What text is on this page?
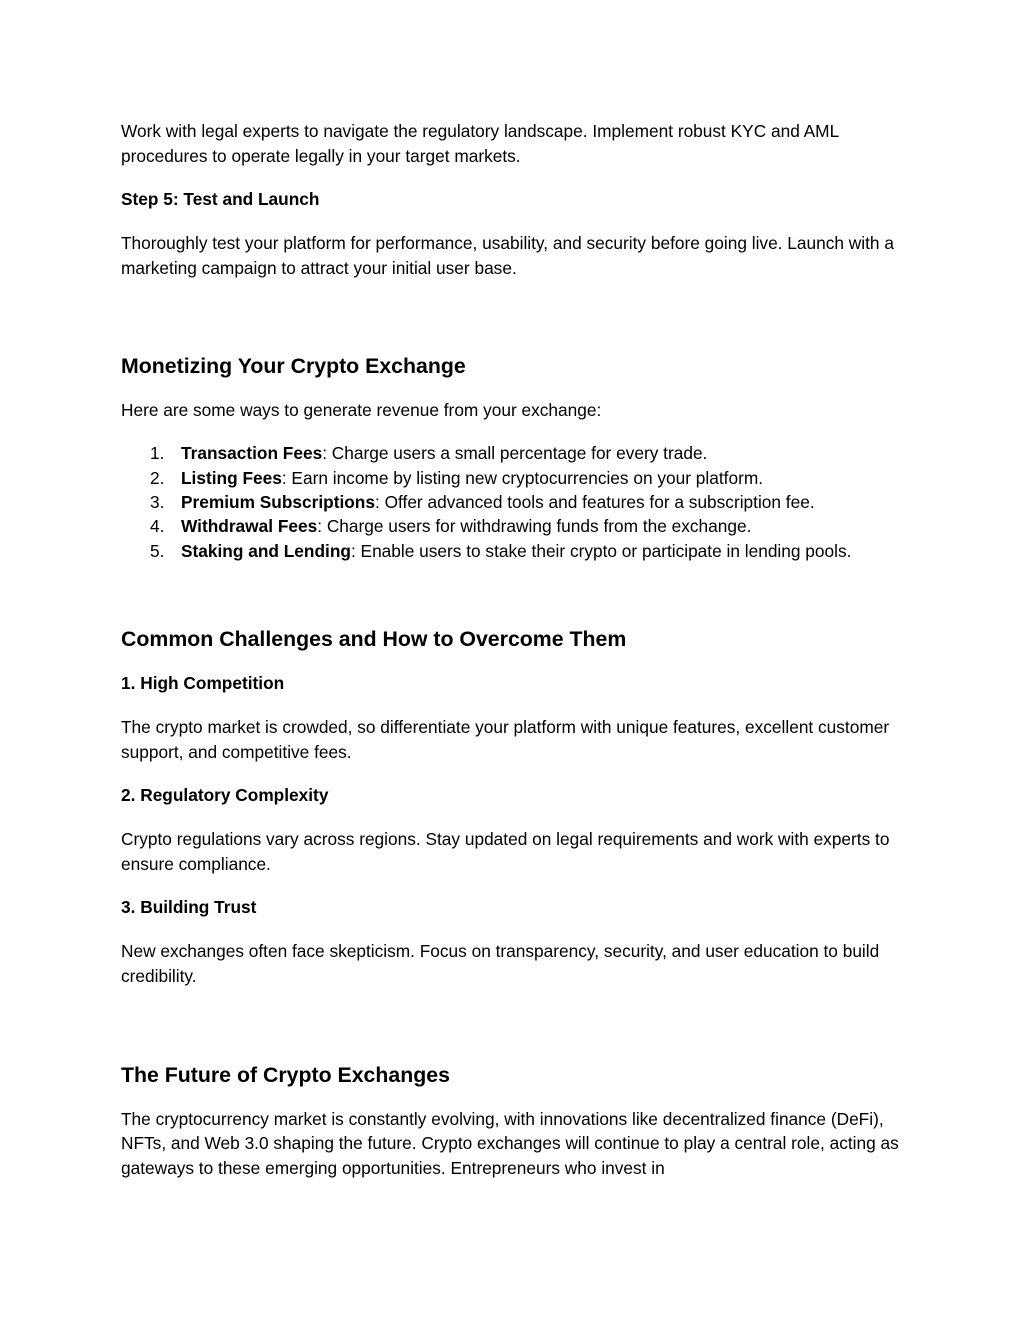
Work with legal experts to navigate the regulatory landscape. Implement robust KYC and AML procedures to operate legally in your target markets.

Step 5: Test and Launch

Thoroughly test your platform for performance, usability, and security before going live. Launch with a marketing campaign to attract your initial user base.

Monetizing Your Crypto Exchange

Here are some ways to generate revenue from your exchange:

1. Transaction Fees: Charge users a small percentage for every trade.
2. Listing Fees: Earn income by listing new cryptocurrencies on your platform.
3. Premium Subscriptions: Offer advanced tools and features for a subscription fee.
4. Withdrawal Fees: Charge users for withdrawing funds from the exchange.
5. Staking and Lending: Enable users to stake their crypto or participate in lending pools.
Common Challenges and How to Overcome Them

1. High Competition

The crypto market is crowded, so differentiate your platform with unique features, excellent customer support, and competitive fees.

2. Regulatory Complexity

Crypto regulations vary across regions. Stay updated on legal requirements and work with experts to ensure compliance.

3. Building Trust

New exchanges often face skepticism. Focus on transparency, security, and user education to build credibility.

The Future of Crypto Exchanges

The cryptocurrency market is constantly evolving, with innovations like decentralized finance (DeFi), NFTs, and Web 3.0 shaping the future. Crypto exchanges will continue to play a central role, acting as gateways to these emerging opportunities. Entrepreneurs who invest in
